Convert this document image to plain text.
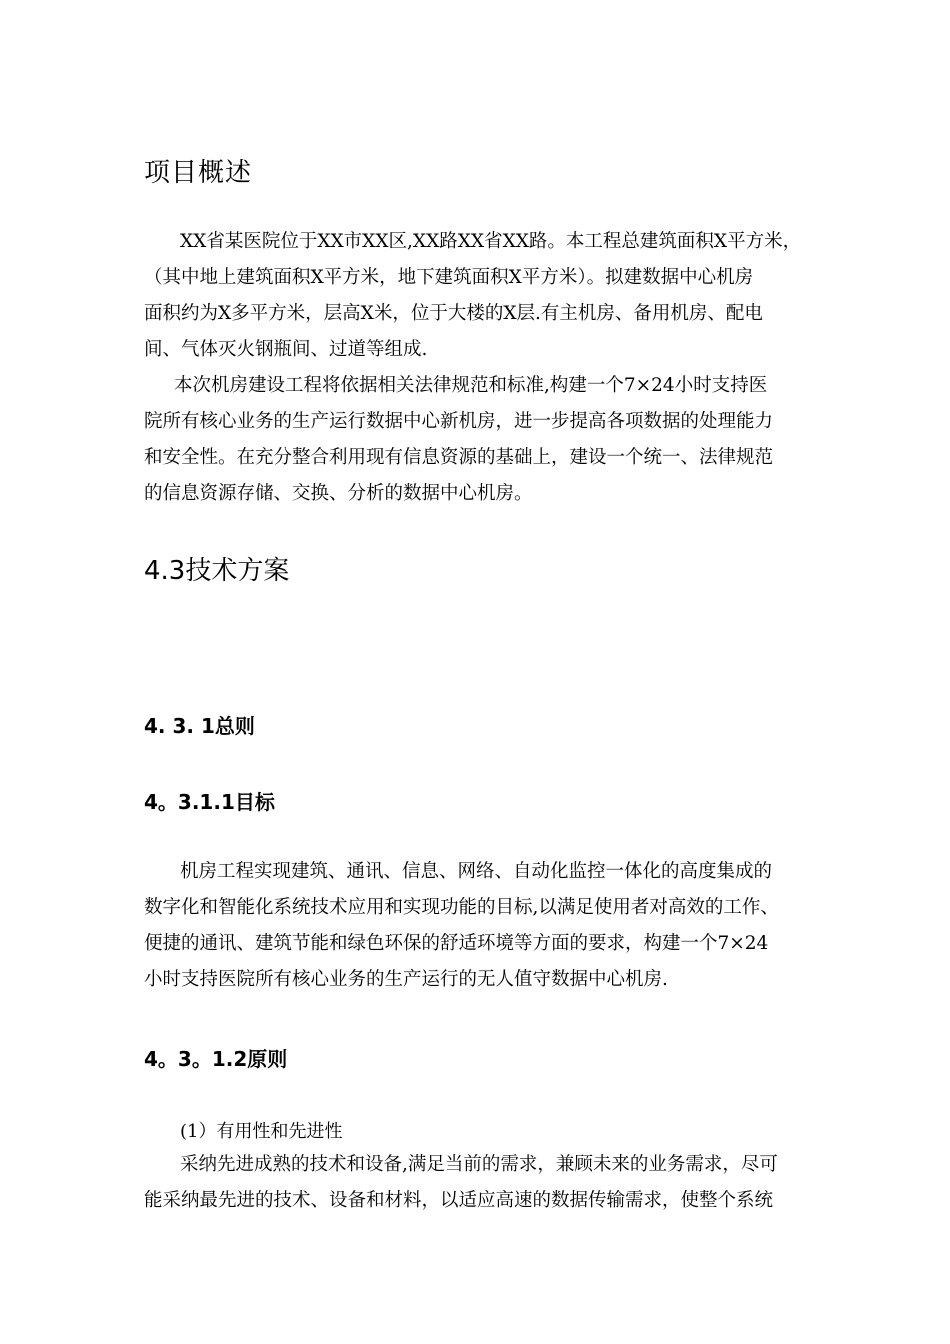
项目概述
XX省某医院位于XX市XX区,XX路XX省XX路。本工程总建筑面积X平方米，
（其中地上建筑面积X平方米，地下建筑面积X平方米）。拟建数据中心机房
面积约为X多平方米，层高X米，位于大楼的X层.有主机房、备用机房、配电
间、气体灭火钢瓶间、过道等组成.
本次机房建设工程将依据相关法律规范和标准,构建一个7×24小时支持医
院所有核心业务的生产运行数据中心新机房，进一步提高各项数据的处理能力
和安全性。在充分整合利用现有信息资源的基础上，建设一个统一、法律规范
的信息资源存储、交换、分析的数据中心机房。
4.3技术方案
4. 3. 1总则
4。3.1.1目标
机房工程实现建筑、通讯、信息、网络、自动化监控一体化的高度集成的
数字化和智能化系统技术应用和实现功能的目标,以满足使用者对高效的工作、
便捷的通讯、建筑节能和绿色环保的舒适环境等方面的要求，构建一个7×24
小时支持医院所有核心业务的生产运行的无人值守数据中心机房.
4。3。1.2原则
(1）有用性和先进性
采纳先进成熟的技术和设备,满足当前的需求，兼顾未来的业务需求，尽可
能采纳最先进的技术、设备和材料，以适应高速的数据传输需求，使整个系统
